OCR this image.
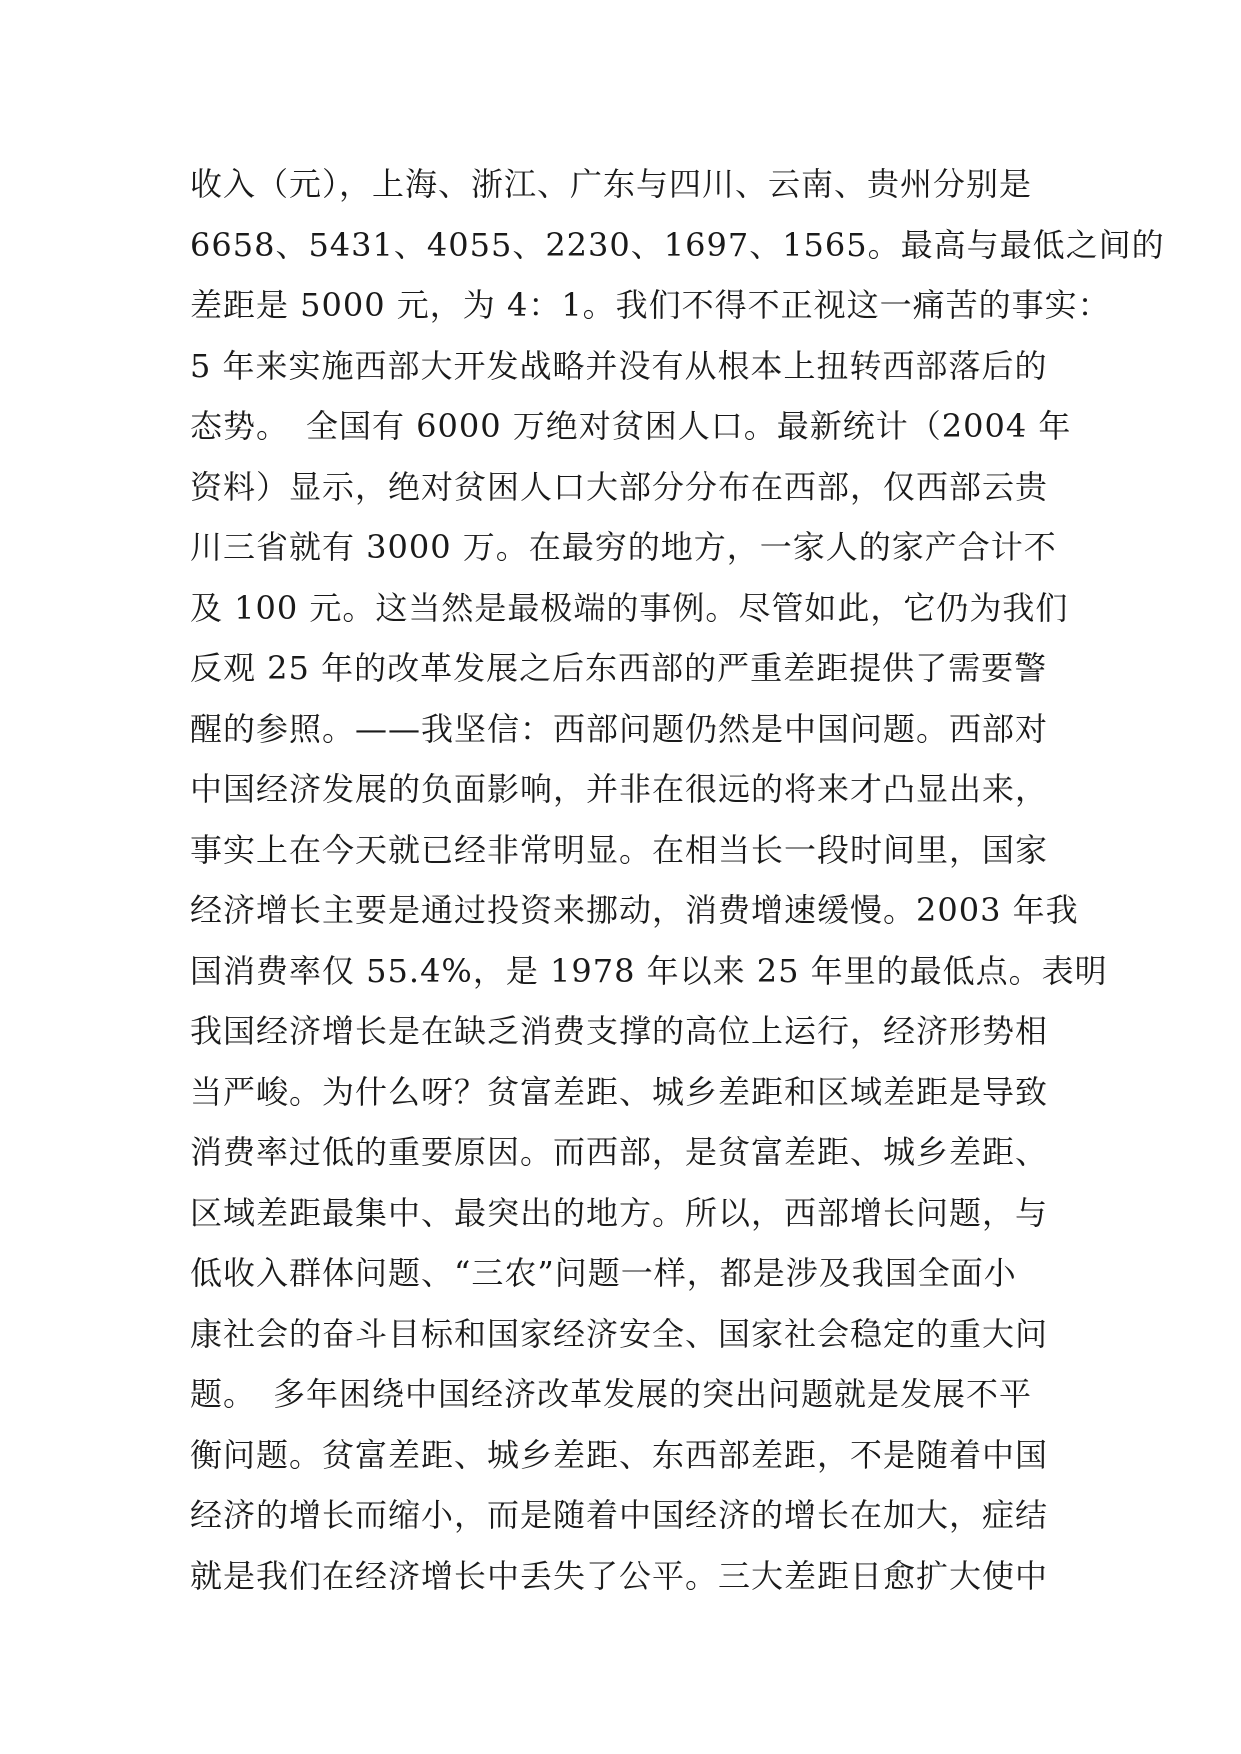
收入（元），上海、浙江、广东与四川、云南、贵州分别是
6658、5431、4055、2230、1697、1565。最高与最低之间的
差距是 5000 元，为 4：1。我们不得不正视这一痛苦的事实：
5 年来实施西部大开发战略并没有从根本上扭转西部落后的
态势。　全国有 6000 万绝对贫困人口。最新统计（2004 年
资料）显示，绝对贫困人口大部分分布在西部，仅西部云贵
川三省就有 3000 万。在最穷的地方，一家人的家产合计不
及 100 元。这当然是最极端的事例。尽管如此，它仍为我们
反观 25 年的改革发展之后东西部的严重差距提供了需要警
醒的参照。——我坚信：西部问题仍然是中国问题。西部对
中国经济发展的负面影响，并非在很远的将来才凸显出来，
事实上在今天就已经非常明显。在相当长一段时间里，国家
经济增长主要是通过投资来挪动，消费增速缓慢。2003 年我
国消费率仅 55.4%，是 1978 年以来 25 年里的最低点。表明
我国经济增长是在缺乏消费支撑的高位上运行，经济形势相
当严峻。为什么呀？贫富差距、城乡差距和区域差距是导致
消费率过低的重要原因。而西部，是贫富差距、城乡差距、
区域差距最集中、最突出的地方。所以，西部增长问题，与
低收入群体问题、“三农”问题一样，都是涉及我国全面小
康社会的奋斗目标和国家经济安全、国家社会稳定的重大问
题。　多年困绕中国经济改革发展的突出问题就是发展不平
衡问题。贫富差距、城乡差距、东西部差距，不是随着中国
经济的增长而缩小，而是随着中国经济的增长在加大，症结
就是我们在经济增长中丢失了公平。三大差距日愈扩大使中
